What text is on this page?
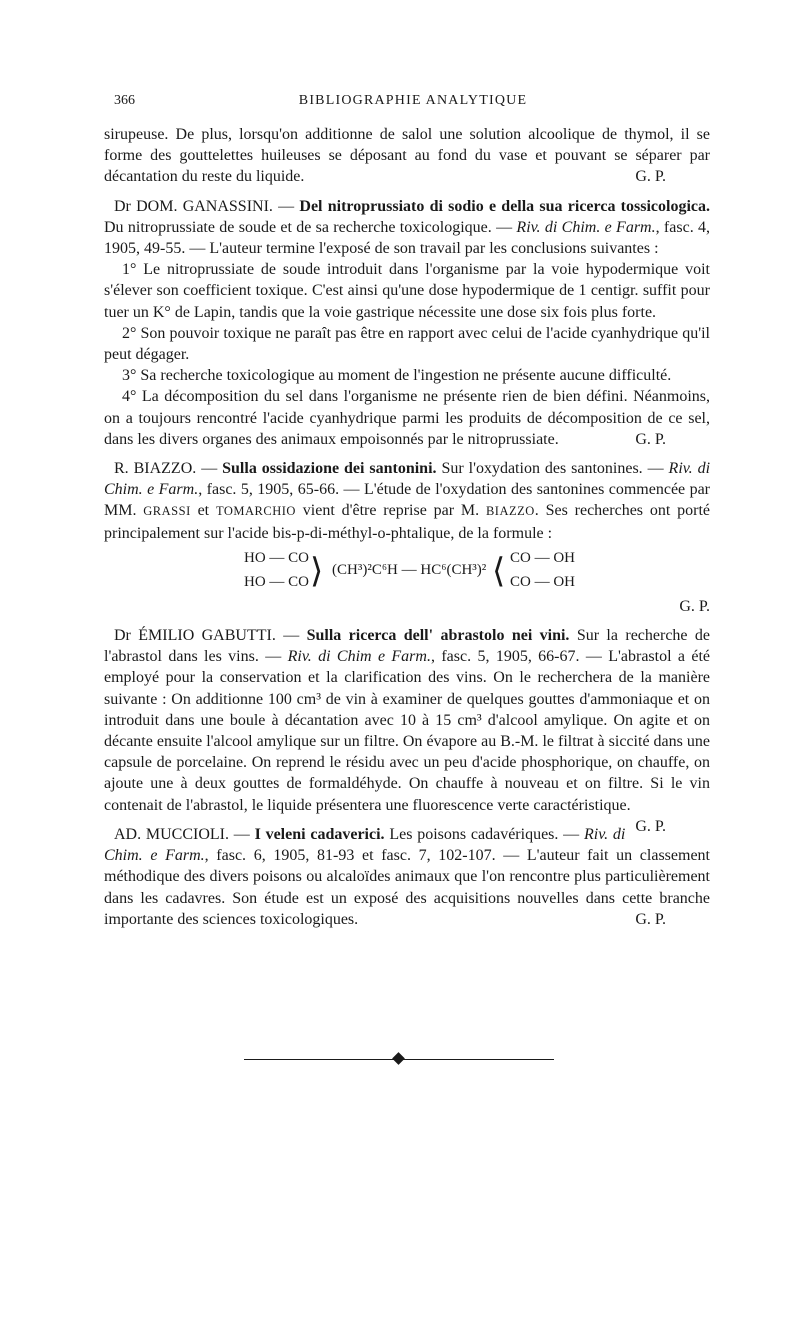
366	BIBLIOGRAPHIE ANALYTIQUE

sirupeuse. De plus, lorsqu'on additionne de salol une solution alcoolique de thymol, il se forme des gouttelettes huileuses se déposant au fond du vase et pouvant se séparer par décantation du reste du liquide.	G. P.

Dr DOM. GANASSINI. — Del nitroprussiato di sodio e della sua ricerca tossicologica. Du nitroprussiate de soude et de sa recherche toxicologique. — Riv. di Chim. e Farm., fasc. 4, 1905, 49-55. — L'auteur termine l'exposé de son travail par les conclusions suivantes :

1° Le nitroprussiate de soude introduit dans l'organisme par la voie hypodermique voit s'élever son coefficient toxique. C'est ainsi qu'une dose hypodermique de 1 centigr. suffit pour tuer un K° de Lapin, tandis que la voie gastrique nécessite une dose six fois plus forte.

2° Son pouvoir toxique ne paraît pas être en rapport avec celui de l'acide cyanhydrique qu'il peut dégager.

3° Sa recherche toxicologique au moment de l'ingestion ne présente aucune difficulté.

4° La décomposition du sel dans l'organisme ne présente rien de bien défini. Néanmoins, on a toujours rencontré l'acide cyanhydrique parmi les produits de décomposition de ce sel, dans les divers organes des animaux empoisonnés par le nitroprussiate.	G. P.

R. BIAZZO. — Sulla ossidazione dei santonini. Sur l'oxydation des santonines. — Riv. di Chim. e Farm., fasc. 5, 1905, 65-66. — L'étude de l'oxydation des santonines commencée par MM. GRASSI et TOMARCHIO vient d'être reprise par M. BIAZZO. Ses recherches ont porté principalement sur l'acide bis-p-di-méthyl-o-phtalique, de la formule :

HO — CO
HO — CO ⟩ (CH³)²C⁶H — HC⁶(CH³)² ⟨ CO — OH
CO — OH

G. P.

Dr ÉMILIO GABUTTI. — Sulla ricerca dell' abrastolo nei vini. Sur la recherche de l'abrastol dans les vins. — Riv. di Chim e Farm., fasc. 5, 1905, 66-67. — L'abrastol a été employé pour la conservation et la clarification des vins. On le recherchera de la manière suivante : On additionne 100 cm³ de vin à examiner de quelques gouttes d'ammoniaque et on introduit dans une boule à décantation avec 10 à 15 cm³ d'alcool amylique. On agite et on décante ensuite l'alcool amylique sur un filtre. On évapore au B.-M. le filtrat à siccité dans une capsule de porcelaine. On reprend le résidu avec un peu d'acide phosphorique, on chauffe, on ajoute une à deux gouttes de formaldéhyde. On chauffe à nouveau et on filtre. Si le vin contenait de l'abrastol, le liquide présentera une fluorescence verte caractéristique.
G. P.

AD. MUCCIOLI. — I veleni cadaverici. Les poisons cadavériques. — Riv. di Chim. e Farm., fasc. 6, 1905, 81-93 et fasc. 7, 102-107. — L'auteur fait un classement méthodique des divers poisons ou alcaloïdes animaux que l'on rencontre plus particulièrement dans les cadavres. Son étude est un exposé des acquisitions nouvelles dans cette branche importante des sciences toxicologiques.	G. P.
